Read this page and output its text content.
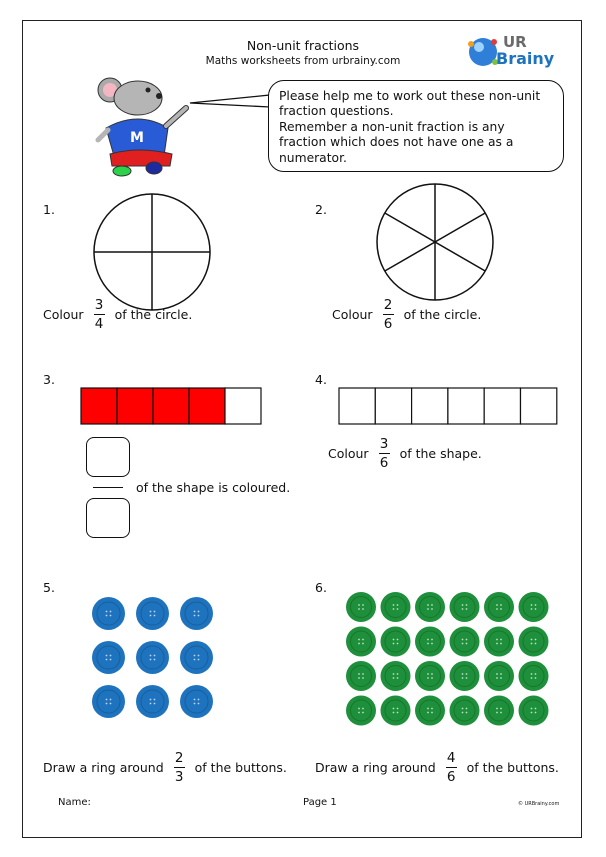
Non-unit fractions
Maths worksheets from urbrainy.com
UR
Brainy
M
Please help me to work out these non-unit fraction questions.
Remember a non-unit fraction is any fraction which does not have one as a numerator.
1.
Colour $\frac{3}{4}$ of the circle.
2.
Colour $\frac{2}{6}$ of the circle.
3.
of the shape is coloured.
4.
Colour $\frac{3}{6}$ of the shape.
5.
Draw a ring around $\frac{2}{3}$ of the buttons.
6.
Draw a ring around $\frac{4}{6}$ of the buttons.
Name:	Page 1	© URBrainy.com
